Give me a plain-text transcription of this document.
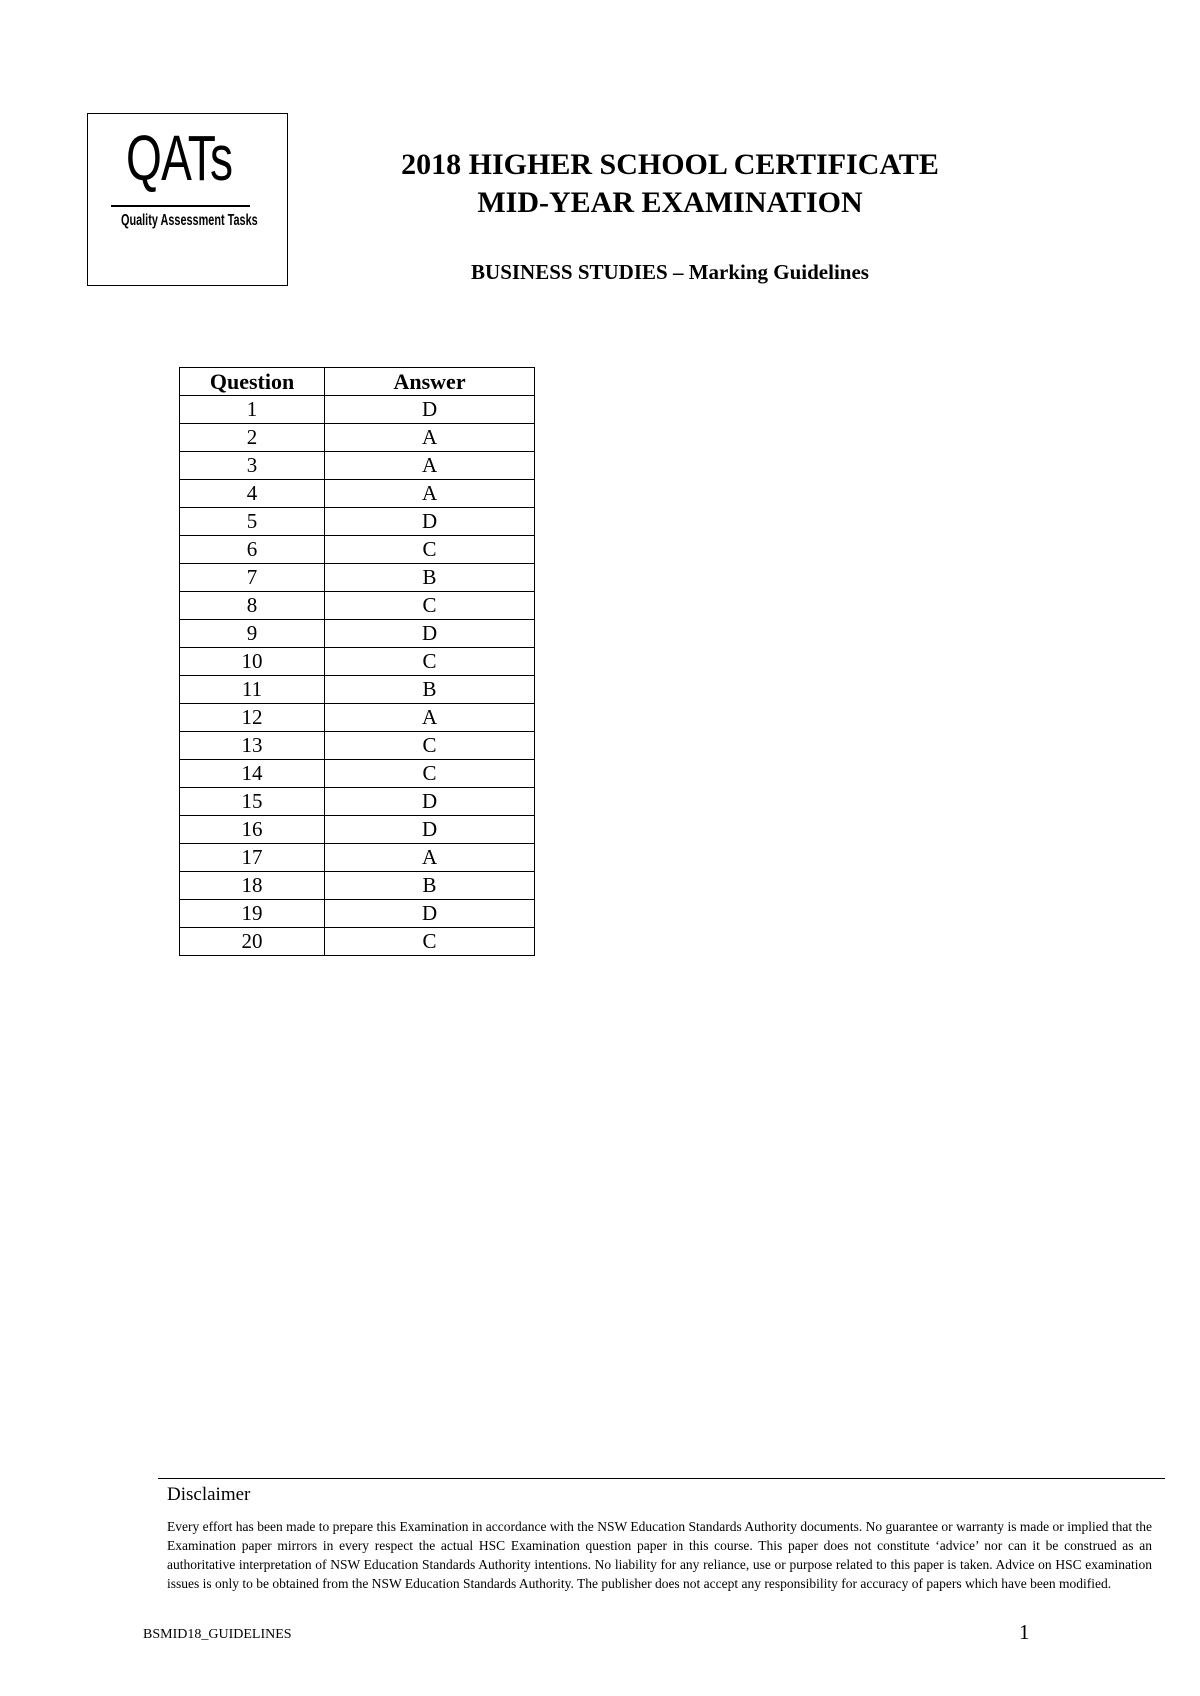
QATs
Quality Assessment Tasks
2018 HIGHER SCHOOL CERTIFICATE
MID-YEAR EXAMINATION
BUSINESS STUDIES – Marking Guidelines
Question	Answer
1	D
2	A
3	A
4	A
5	D
6	C
7	B
8	C
9	D
10	C
11	B
12	A
13	C
14	C
15	D
16	D
17	A
18	B
19	D
20	C
Disclaimer
Every effort has been made to prepare this Examination in accordance with the NSW Education Standards Authority documents. No guarantee or warranty is made or implied that the Examination paper mirrors in every respect the actual HSC Examination question paper in this course. This paper does not constitute ‘advice’ nor can it be construed as an authoritative interpretation of NSW Education Standards Authority intentions. No liability for any reliance, use or purpose related to this paper is taken. Advice on HSC examination issues is only to be obtained from the NSW Education Standards Authority. The publisher does not accept any responsibility for accuracy of papers which have been modified.
BSMID18_GUIDELINES	1
